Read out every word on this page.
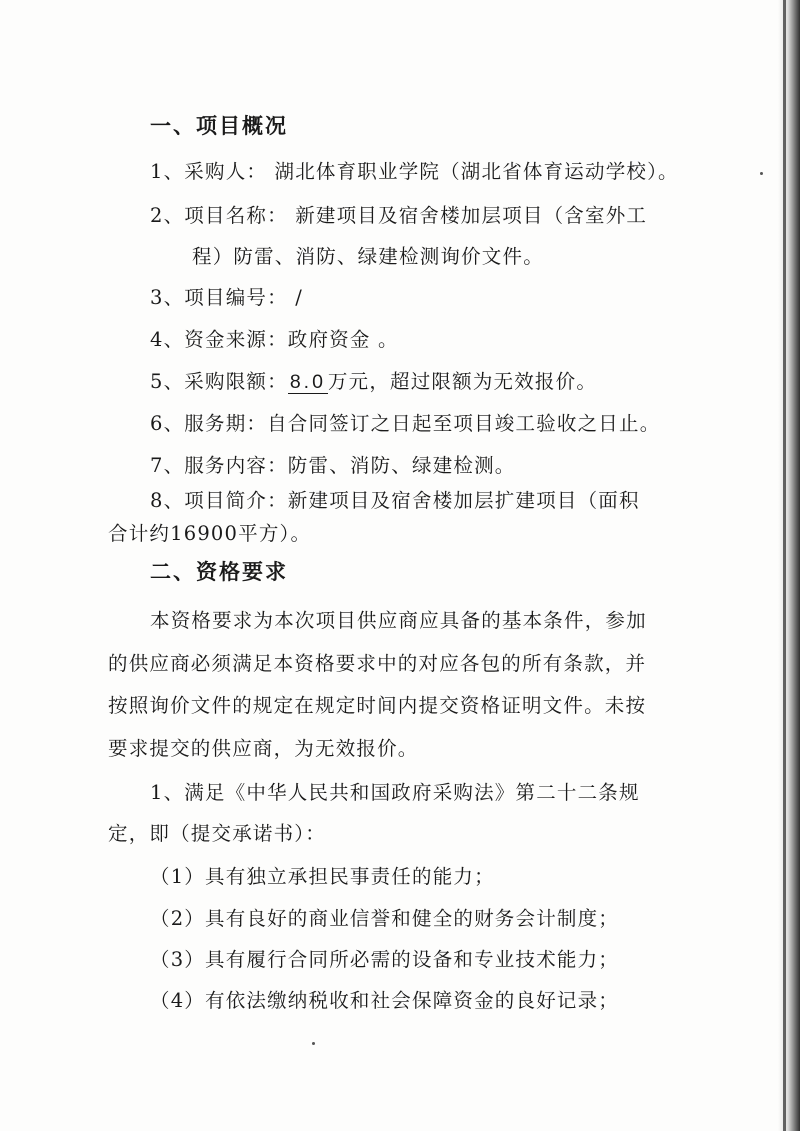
一、项目概况
1、采购人： 湖北体育职业学院（湖北省体育运动学校）。
2、项目名称： 新建项目及宿舍楼加层项目（含室外工
程）防雷、消防、绿建检测询价文件。
3、项目编号： /
4、资金来源：政府资金 。
5、采购限额： 8.0 万元，超过限额为无效报价。
6、服务期：自合同签订之日起至项目竣工验收之日止。
7、服务内容：防雷、消防、绿建检测。
8、项目简介：新建项目及宿舍楼加层扩建项目（面积
合计约16900平方）。
二、资格要求
本资格要求为本次项目供应商应具备的基本条件，参加
的供应商必须满足本资格要求中的对应各包的所有条款，并
按照询价文件的规定在规定时间内提交资格证明文件。未按
要求提交的供应商，为无效报价。
1、满足《中华人民共和国政府采购法》第二十二条规
定，即（提交承诺书）：
（1）具有独立承担民事责任的能力；
（2）具有良好的商业信誉和健全的财务会计制度；
（3）具有履行合同所必需的设备和专业技术能力；
（4）有依法缴纳税收和社会保障资金的良好记录；
